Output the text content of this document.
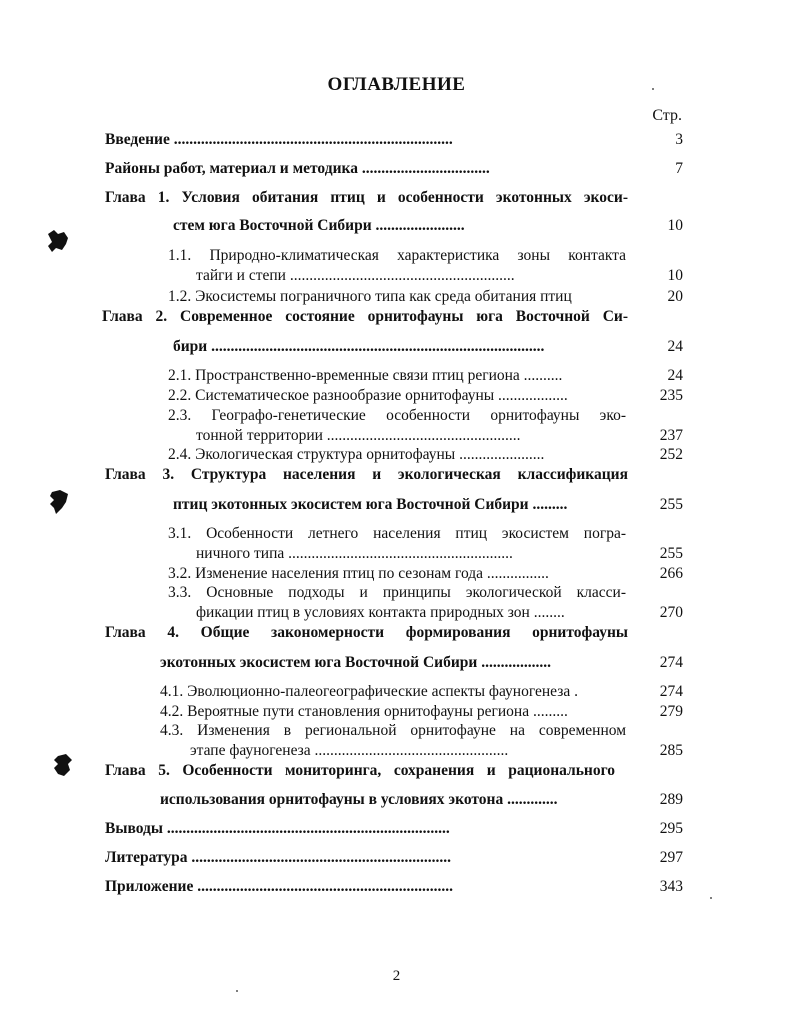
ОГЛАВЛЕНИЕ
Стр.
Введение ........................................................................	3
Районы работ, материал и методика .................................	7
Глава 1. Условия обитания птиц и особенности экотонных экоси-
стем юга Восточной Сибири .......................	10
1.1. Природно-климатическая характеристика зоны контакта
тайги и степи ..........................................................	10
1.2. Экосистемы пограничного типа как среда обитания птиц	20
Глава 2. Современное состояние орнитофауны юга Восточной Си-
бири ......................................................................................	24
2.1. Пространственно-временные связи птиц региона ..........	24
2.2. Систематическое разнообразие орнитофауны ..................	235
2.3. Географо-генетические особенности орнитофауны эко-
тонной территории ..................................................	237
2.4. Экологическая структура орнитофауны ......................	252
Глава 3. Структура населения и экологическая классификация
птиц экотонных экосистем юга Восточной Сибири .........	255
3.1. Особенности летнего населения птиц экосистем погра-
ничного типа ..........................................................	255
3.2. Изменение населения птиц по сезонам года ................	266
3.3. Основные подходы и принципы экологической класси-
фикации птиц в условиях контакта природных зон ........	270
Глава 4. Общие закономерности формирования орнитофауны
экотонных экосистем юга Восточной Сибири ..................	274
4.1. Эволюционно-палеогеографические аспекты фауногенеза .	274
4.2. Вероятные пути становления орнитофауны региона .........	279
4.3. Изменения в региональной орнитофауне на современном
этапе фауногенеза ..................................................	285
Глава 5. Особенности мониторинга, сохранения и рационального
использования орнитофауны в условиях экотона .............	289
Выводы .........................................................................	295
Литература ...................................................................	297
Приложение ..................................................................	343
2
